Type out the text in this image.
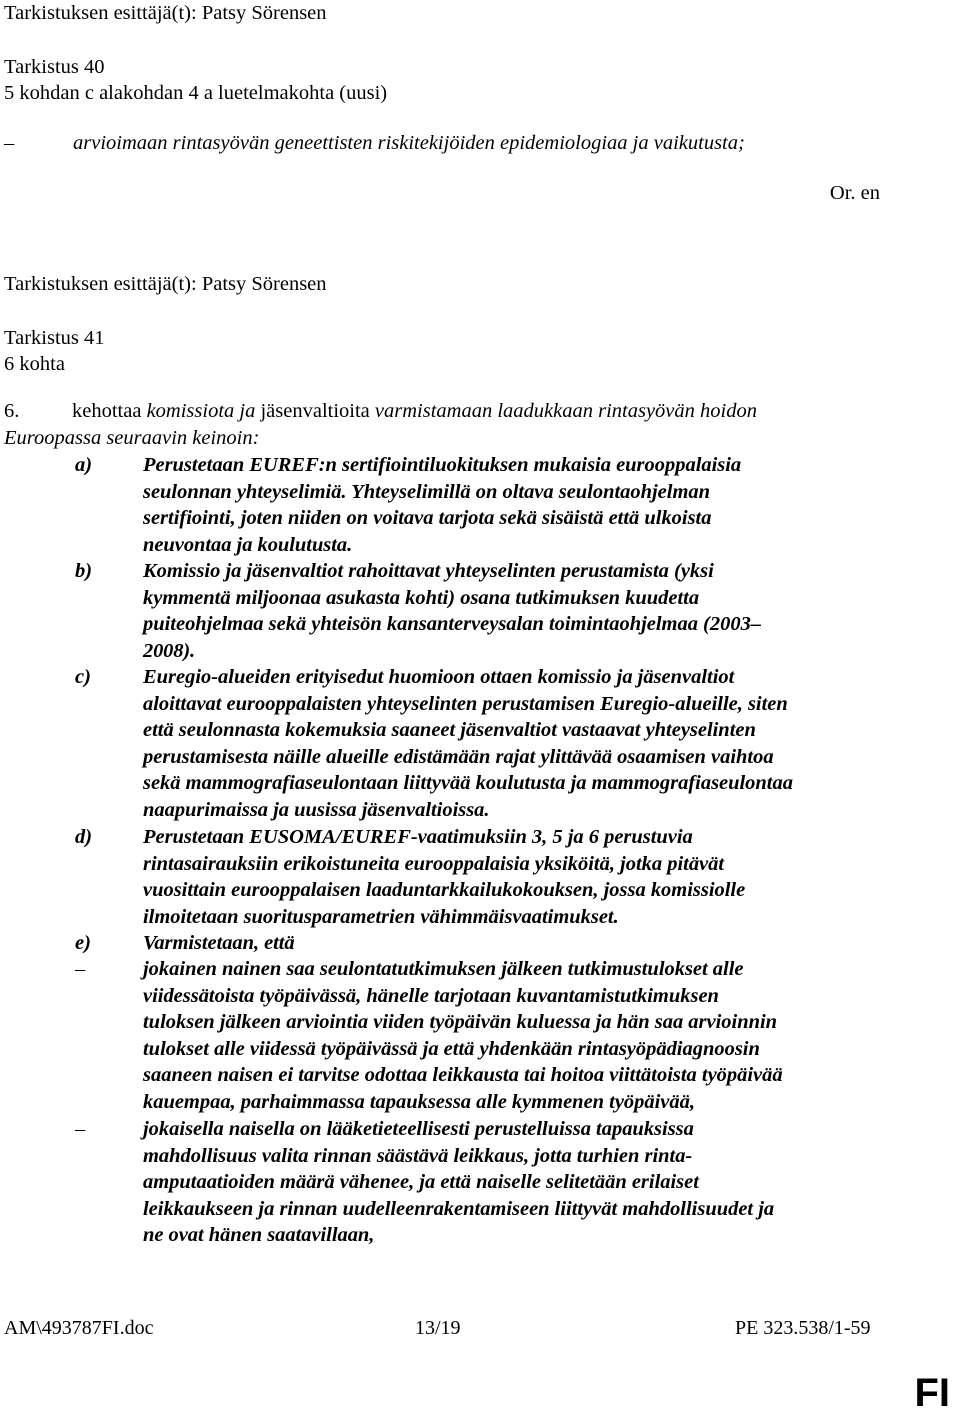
Tarkistuksen esittäjä(t): Patsy Sörensen
Tarkistus 40
5 kohdan c alakohdan 4 a luetelmakohta (uusi)
–	arvioimaan rintasyövän geneettisten riskitekijöiden epidemiologiaa ja vaikutusta;
Or. en
Tarkistuksen esittäjä(t): Patsy Sörensen
Tarkistus 41
6 kohta
6.	kehottaa komissiota ja jäsenvaltioita varmistamaan laadukkaan rintasyövän hoidon
Euroopassa seuraavin keinoin:
a) Perustetaan EUREF:n sertifiointiluokituksen mukaisia eurooppalaisia
seulonnan yhteyselimiä. Yhteyselimillä on oltava seulontaohjelman
sertifiointi, joten niiden on voitava tarjota sekä sisäistä että ulkoista
neuvontaa ja koulutusta.
b) Komissio ja jäsenvaltiot rahoittavat yhteyselinten perustamista (yksi
kymmentä miljoonaa asukasta kohti) osana tutkimuksen kuudetta
puiteohjelmaa sekä yhteisön kansanterveysalan toimintaohjelmaa (2003–
2008).
c)	Euregio-alueiden erityisedut huomioon ottaen komissio ja jäsenvaltiot
aloittavat eurooppalaisten yhteyselinten perustamisen Euregio-alueille, siten
että seulonnasta kokemuksia saaneet jäsenvaltiot vastaavat yhteyselinten
perustamisesta näille alueille edistämään rajat ylittävää osaamisen vaihtoa
sekä mammografiaseulontaan liittyvää koulutusta ja mammografiaseulontaa
naapurimaissa ja uusissa jäsenvaltioissa.
d) Perustetaan EUSOMA/EUREF-vaatimuksiin 3, 5 ja 6 perustuvia
rintasairauksiin erikoistuneita eurooppalaisia yksiköitä, jotka pitävät
vuosittain eurooppalaisen laaduntarkkailukokouksen, jossa komissiolle
ilmoitetaan suoritusparametrien vähimmäisvaatimukset.
e)	Varmistetaan, että
–	jokainen nainen saa seulontatutkimuksen jälkeen tutkimustulokset alle
viidessätoista työpäivässä, hänelle tarjotaan kuvantamistutkimuksen
tuloksen jälkeen arviointia viiden työpäivän kuluessa ja hän saa arvioinnin
tulokset alle viidessä työpäivässä ja että yhdenkään rintasyöpädiagnoosin
saaneen naisen ei tarvitse odottaa leikkausta tai hoitoa viittätoista työpäivää
kauempaa, parhaimmassa tapauksessa alle kymmenen työpäivää,
–	jokaisella naisella on lääketieteellisesti perustelluissa tapauksissa
mahdollisuus valita rinnan säästävä leikkaus, jotta turhien rinta-
amputaatioiden määrä vähenee, ja että naiselle selitetään erilaiset
leikkaukseen ja rinnan uudelleenrakentamiseen liittyvät mahdollisuudet ja
ne ovat hänen saatavillaan,
AM\493787FI.doc	13/19	PE 323.538/1-59
FI
